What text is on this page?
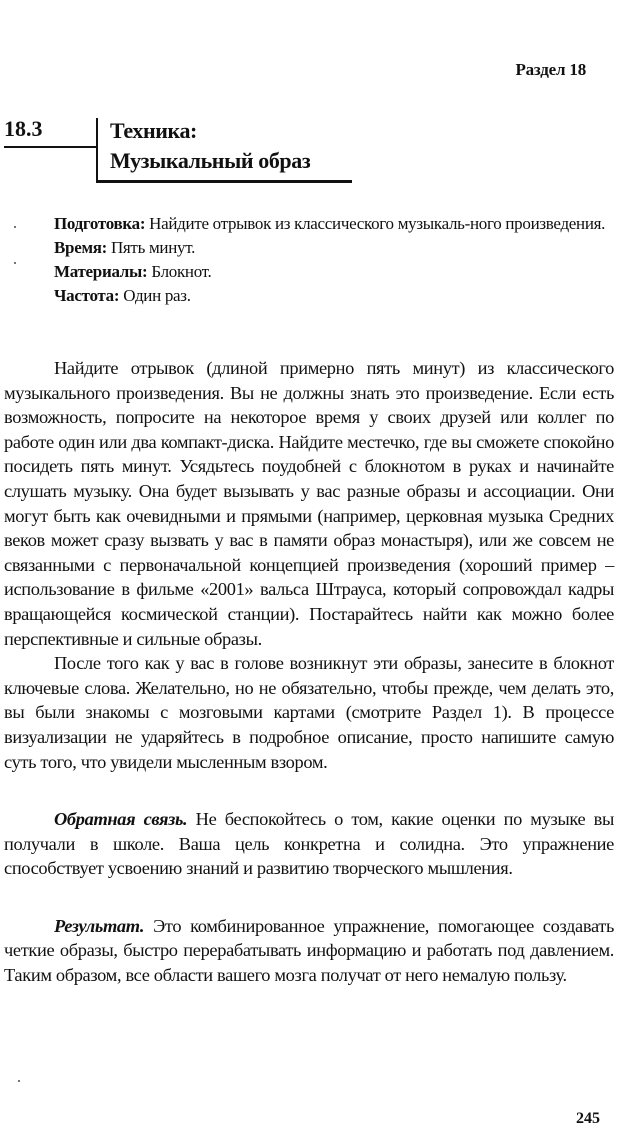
Раздел 18
18.3	Техника:
Музыкальный образ

Подготовка: Найдите отрывок из классического музыкаль-ного произведения.

Время: Пять минут.

Материалы: Блокнот.

Частота: Один раз.

Найдите отрывок (длиной примерно пять минут) из классического музыкального произведения. Вы не должны знать это произведение. Если есть возможность, попросите на некоторое время у своих друзей или коллег по работе один или два компакт-диска. Найдите местечко, где вы сможете спокойно посидеть пять минут. Усядьтесь поудобней с блокнотом в руках и начинайте слушать музыку. Она будет вызывать у вас разные образы и ассоциации. Они могут быть как очевидными и прямыми (например, церковная музыка Средних веков может сразу вызвать у вас в памяти образ монастыря), или же совсем не связанными с первоначальной концепцией произведения (хороший пример – использование в фильме «2001» вальса Штрауса, который сопровождал кадры вращающейся космической станции). Постарайтесь найти как можно более перспективные и сильные образы.

После того как у вас в голове возникнут эти образы, занесите в блокнот ключевые слова. Желательно, но не обязательно, чтобы прежде, чем делать это, вы были знакомы с мозговыми картами (смотрите Раздел 1). В процессе визуализации не ударяйтесь в подробное описание, просто напишите самую суть того, что увидели мысленным взором.

Обратная связь. Не беспокойтесь о том, какие оценки по музыке вы получали в школе. Ваша цель конкретна и солидна. Это упражнение способствует усвоению знаний и развитию творческого мышления.

Результат. Это комбинированное упражнение, помогающее создавать четкие образы, быстро перерабатывать информацию и работать под давлением. Таким образом, все области вашего мозга получат от него немалую пользу.

245
